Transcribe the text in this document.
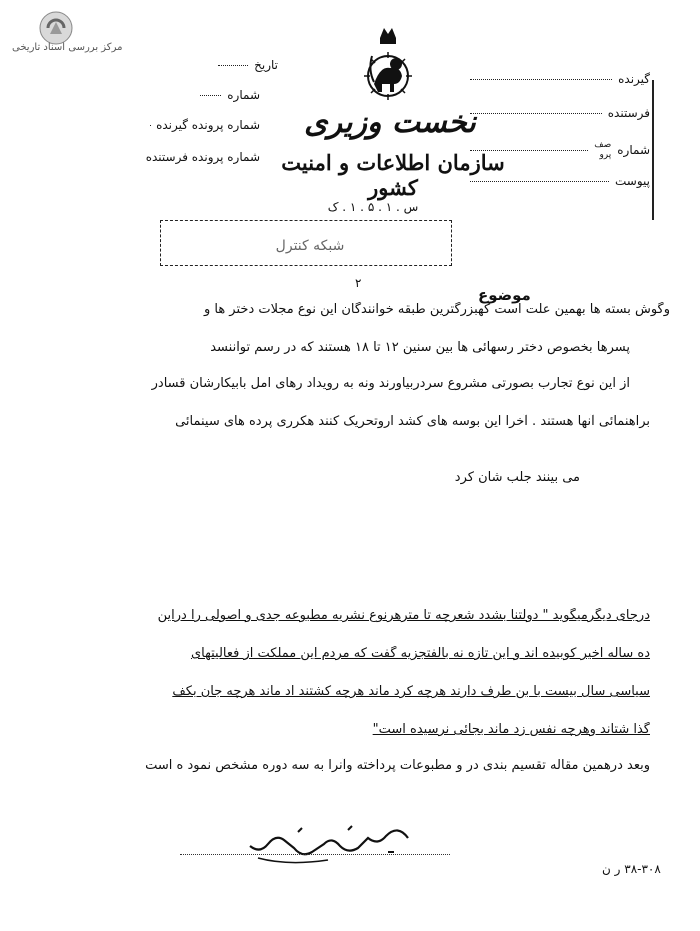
مرکز بررسی اسناد تاریخی
تاریخ
شماره
شماره پرونده گیرنده
شماره پرونده فرستنده
نخست وزیری
سازمان اطلاعات و امنیت کشور
س . ۱ . ۵ . ۱ . ک
گیرنده
فرستنده
شماره
صف
پرو
پیوست
شبکه کنترل
۲
موضوع
وگوش بسته ها بهمین علت است کهبزرگترین طبقه خوانندگان این نوع مجلات دختر ها و
پسرها بخصوص دختر رسهائی ها بین سنین ۱۲ تا ۱۸ هستند که در رسم تواننسد
از این نوع تجارب بصورتی مشروع سردربیاورند ونه به رویداد رهای امل بابیکارشان قسادر
براهنمائی آنها هستند . آخرا این بوسه های کشد اروتحریک کنند هکرری پرده های سینمائی
می بینند جلب شان کرد
درجای دیگرمیگوید " دولتنا بشدد شعرچه تا مترهرنوع نشریه مطبوعه جدی و اصولی را دراین
ده ساله اخیر کوبیده اند و این تازه نه بالفتجزیه گفت که مردم این مملکت از فعالیتهای
سیاسی سال بیست با بن طرف دارند هرچه کرد ماند هرچه کشتند اد ماند هرچه جان بکف
گذا شتاند وهرچه نفس زد ماند بجائی نرسیده است"
وبعد درهمین مقاله تقسیم بندی در و مطبوعات پرداخته وآنرا به سه دوره مشخص نمود ه است
۳۸-۳۰۸ ر ن
